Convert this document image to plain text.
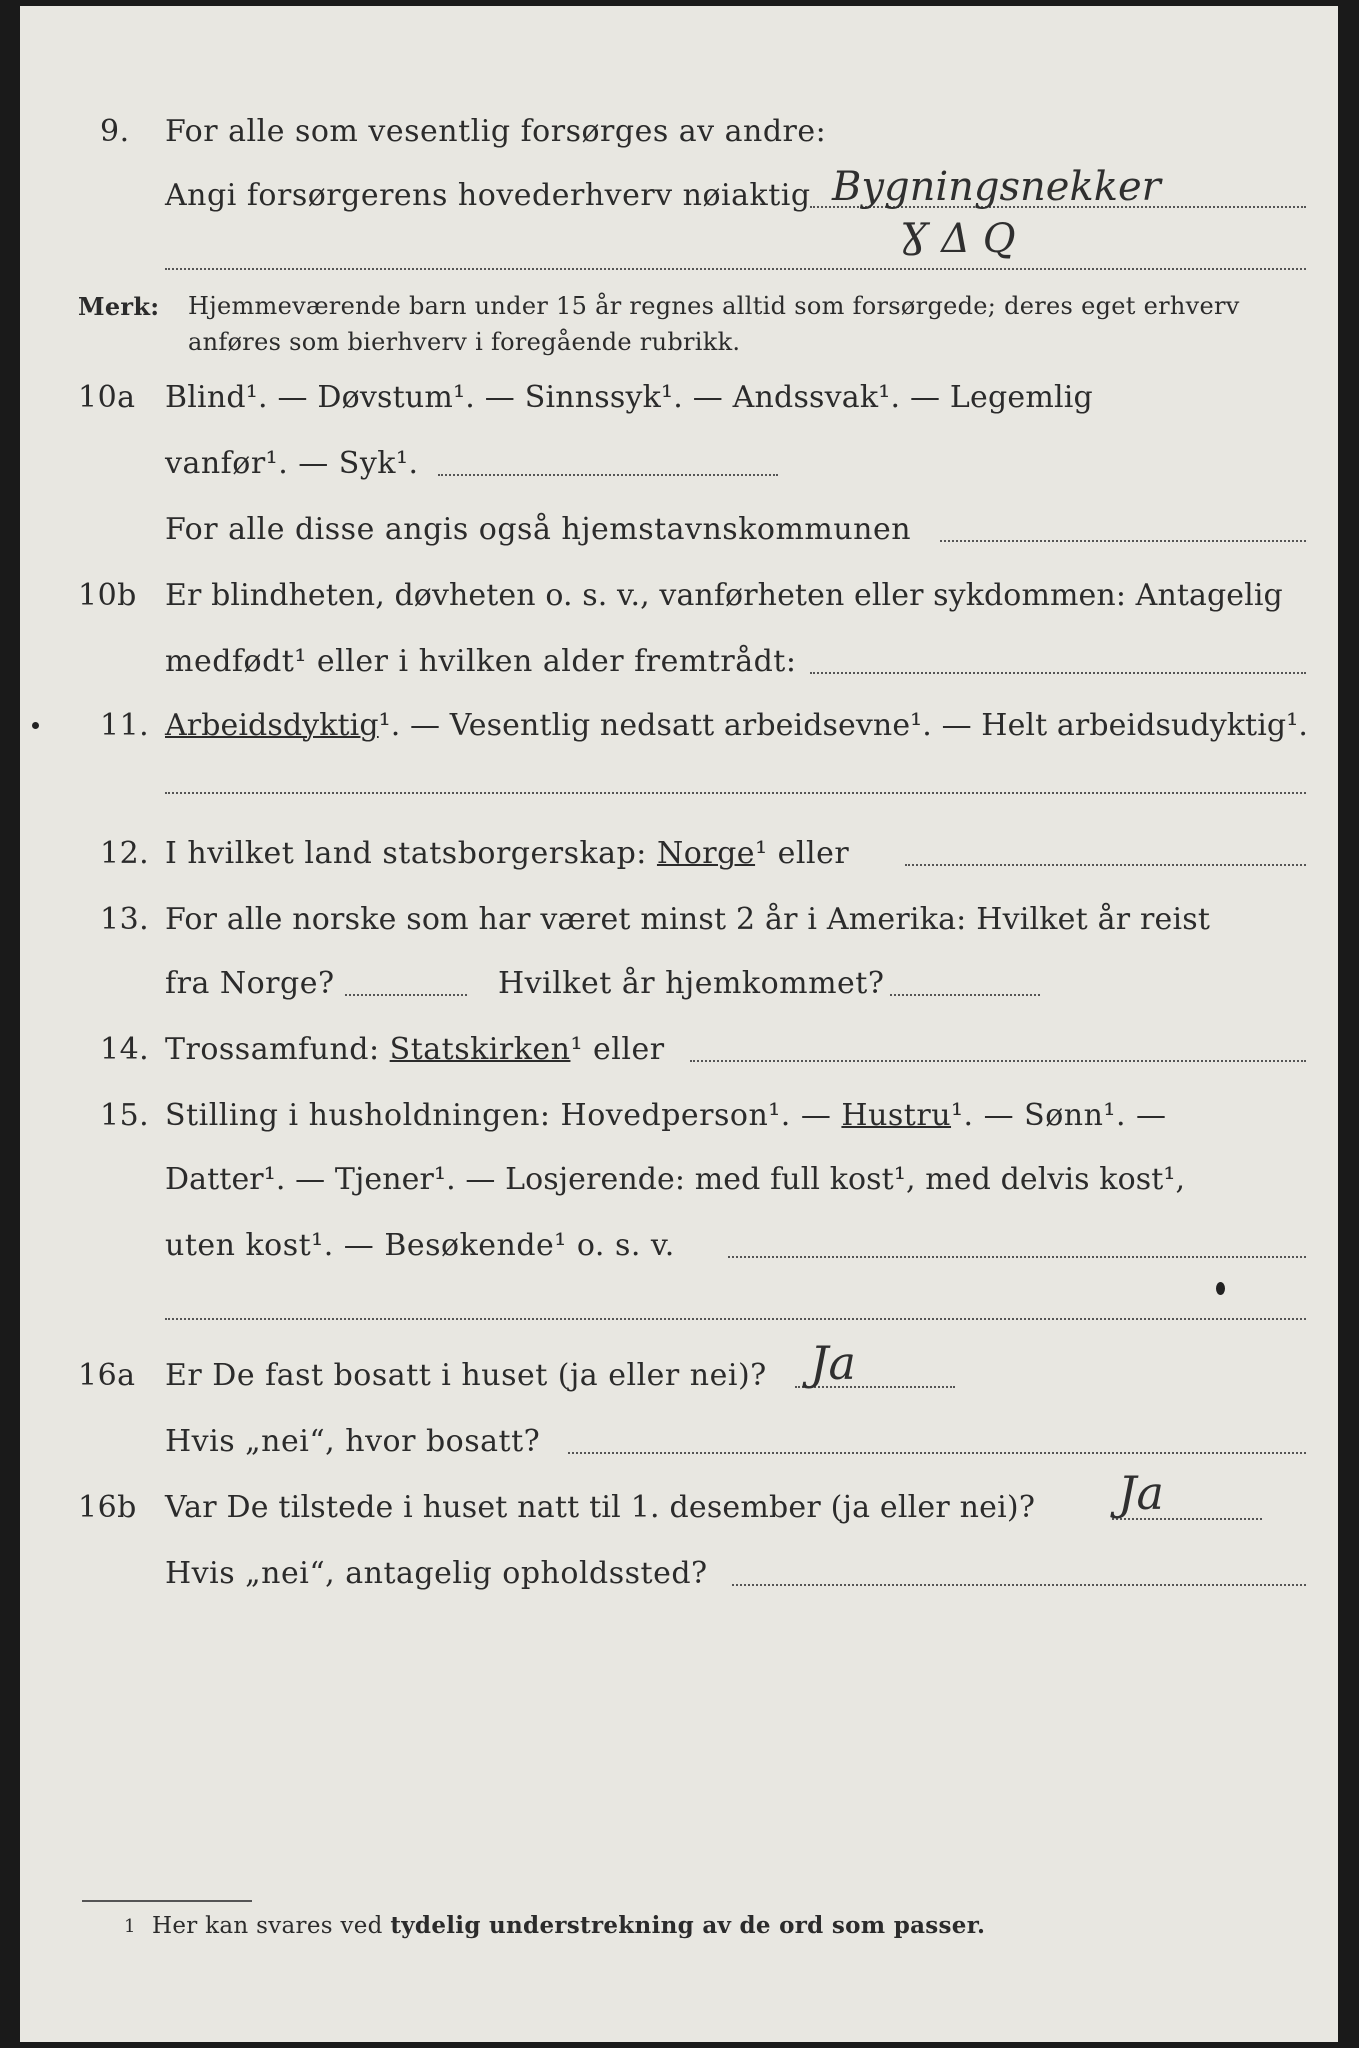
9. For alle som vesentlig forsørges av andre:
Angi forsørgerens hovederhverv nøiaktig Bygningsnekker
Ɣ Δ Q
Merk: Hjemmeværende barn under 15 år regnes alltid som forsørgede; deres eget erhverv
anføres som bierhverv i foregående rubrikk.
10a Blind¹. — Døvstum¹. — Sinnssyk¹. — Andssvak¹. — Legemlig
vanfør¹. — Syk¹.
For alle disse angis også hjemstavnskommunen
10b Er blindheten, døvheten o. s. v., vanførheten eller sykdommen: Antagelig
medfødt¹ eller i hvilken alder fremtrådt:
11. Arbeidsdyktig¹. — Vesentlig nedsatt arbeidsevne¹. — Helt arbeidsudyktig¹.
12. I hvilket land statsborgerskap: Norge¹ eller
13. For alle norske som har været minst 2 år i Amerika: Hvilket år reist
fra Norge?	Hvilket år hjemkommet?
14. Trossamfund: Statskirken¹ eller
15. Stilling i husholdningen: Hovedperson¹. — Hustru¹. — Sønn¹. —
Datter¹. — Tjener¹. — Losjerende: med full kost¹, med delvis kost¹,
uten kost¹. — Besøkende¹ o. s. v.
16a Er De fast bosatt i huset (ja eller nei)? Ja
Hvis „nei“, hvor bosatt?
16b Var De tilstede i huset natt til 1. desember (ja eller nei)? Ja
Hvis „nei“, antagelig opholdssted?
1 Her kan svares ved tydelig understrekning av de ord som passer.
